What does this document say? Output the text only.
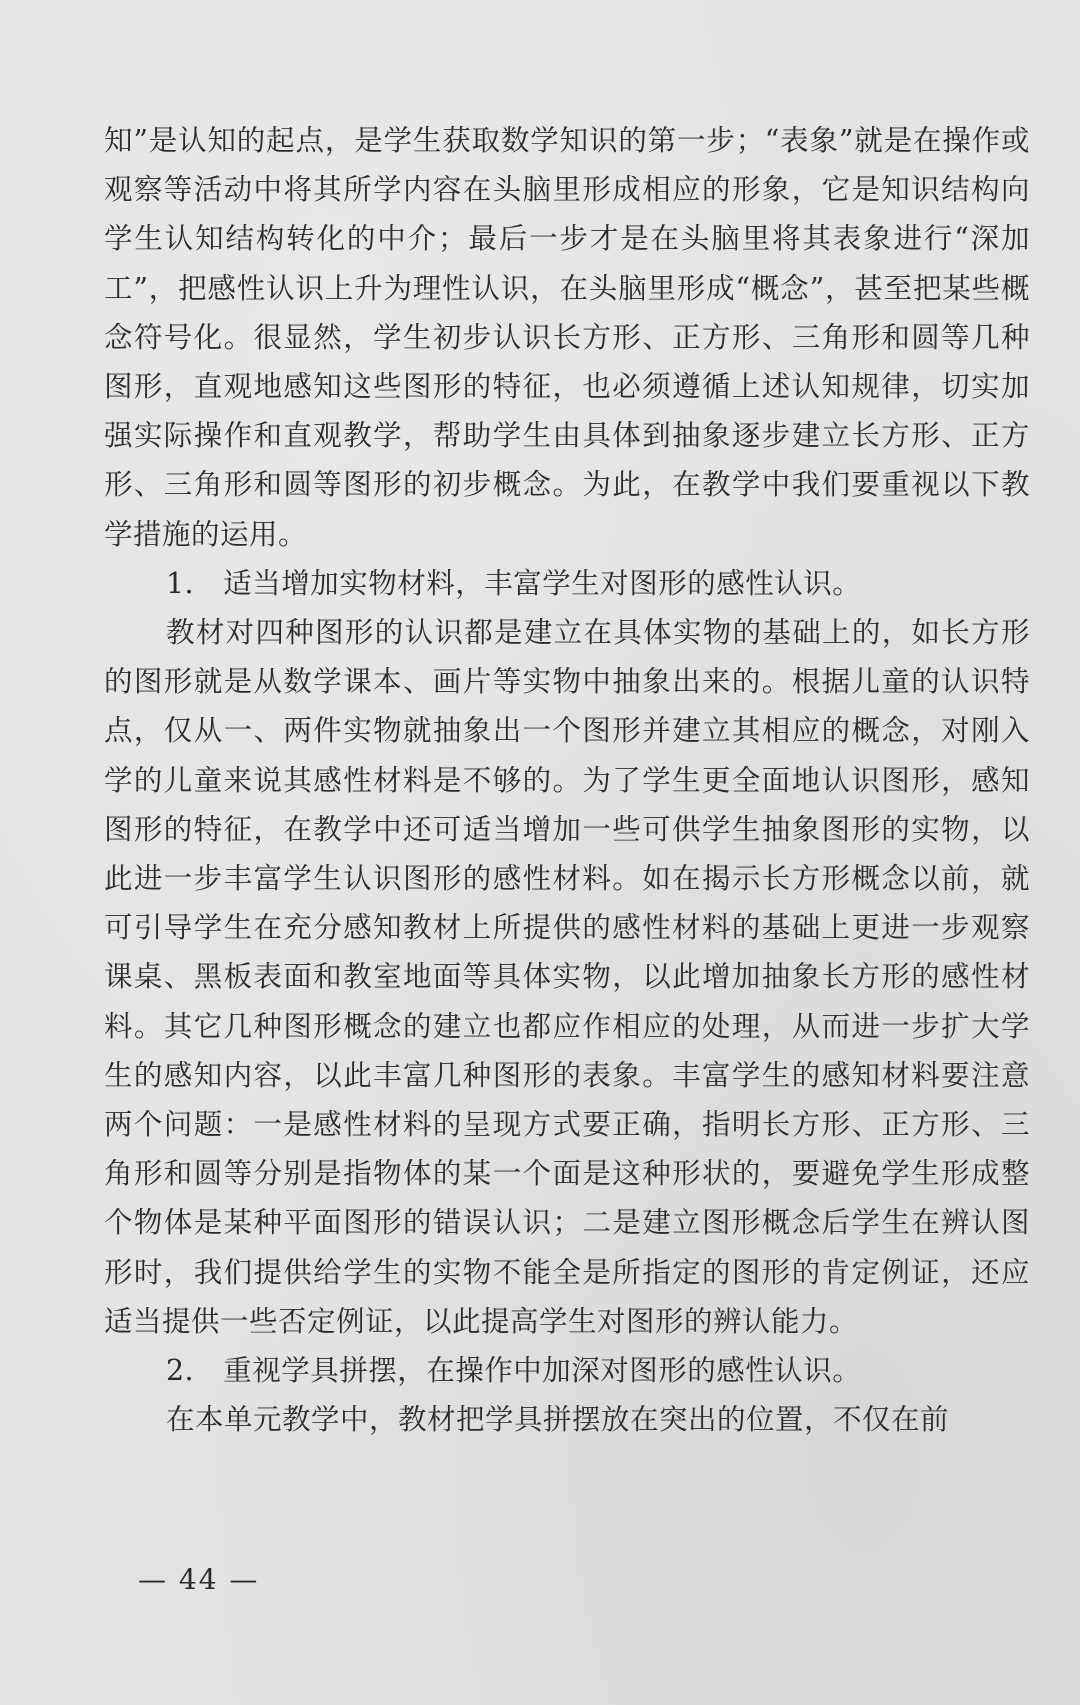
知”是认知的起点，是学生获取数学知识的第一步；“表象”就是在操作或观察等活动中将其所学内容在头脑里形成相应的形象，它是知识结构向学生认知结构转化的中介；最后一步才是在头脑里将其表象进行“深加工”，把感性认识上升为理性认识，在头脑里形成“概念”，甚至把某些概念符号化。很显然，学生初步认识长方形、正方形、三角形和圆等几种图形，直观地感知这些图形的特征，也必须遵循上述认知规律，切实加强实际操作和直观教学，帮助学生由具体到抽象逐步建立长方形、正方形、三角形和圆等图形的初步概念。为此，在教学中我们要重视以下教学措施的运用。

1． 适当增加实物材料，丰富学生对图形的感性认识。

教材对四种图形的认识都是建立在具体实物的基础上的，如长方形的图形就是从数学课本、画片等实物中抽象出来的。根据儿童的认识特点，仅从一、两件实物就抽象出一个图形并建立其相应的概念，对刚入学的儿童来说其感性材料是不够的。为了学生更全面地认识图形，感知图形的特征，在教学中还可适当增加一些可供学生抽象图形的实物，以此进一步丰富学生认识图形的感性材料。如在揭示长方形概念以前，就可引导学生在充分感知教材上所提供的感性材料的基础上更进一步观察课桌、黑板表面和教室地面等具体实物，以此增加抽象长方形的感性材料。其它几种图形概念的建立也都应作相应的处理，从而进一步扩大学生的感知内容，以此丰富几种图形的表象。丰富学生的感知材料要注意两个问题：一是感性材料的呈现方式要正确，指明长方形、正方形、三角形和圆等分别是指物体的某一个面是这种形状的，要避免学生形成整个物体是某种平面图形的错误认识；二是建立图形概念后学生在辨认图形时，我们提供给学生的实物不能全是所指定的图形的肯定例证，还应适当提供一些否定例证，以此提高学生对图形的辨认能力。

2． 重视学具拼摆，在操作中加深对图形的感性认识。

在本单元教学中，教材把学具拼摆放在突出的位置，不仅在前

— 44 —
